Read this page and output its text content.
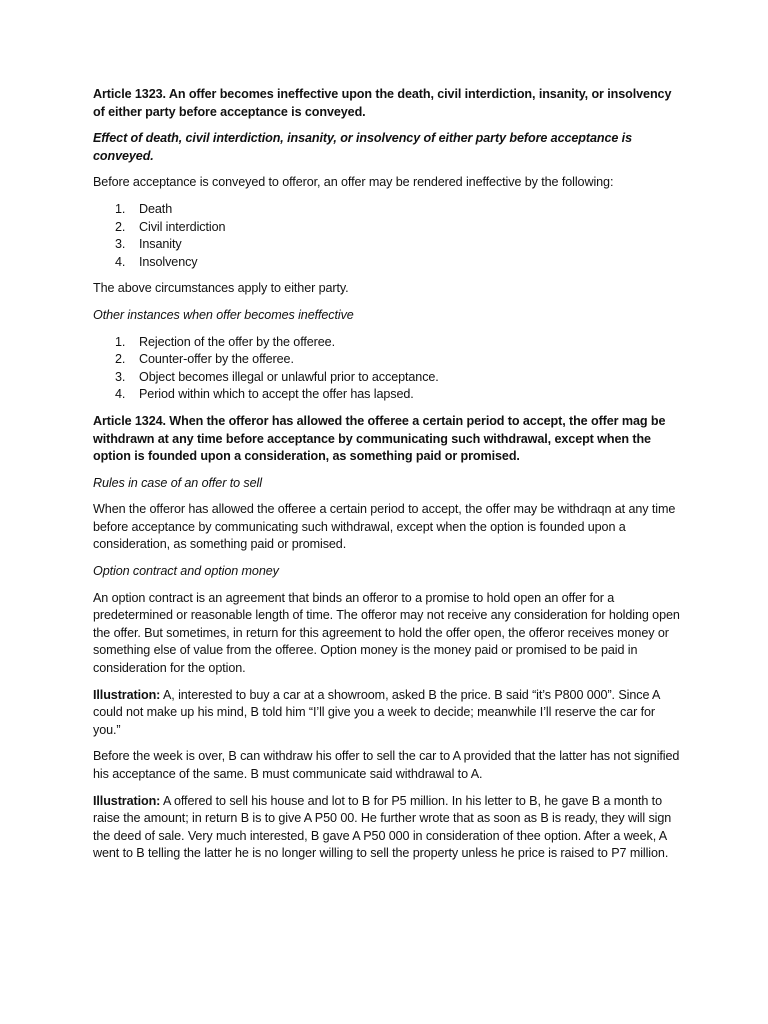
Article 1323. An offer becomes ineffective upon the death, civil interdiction, insanity, or insolvency of either party before acceptance is conveyed.

Effect of death, civil interdiction, insanity, or insolvency of either party before acceptance is conveyed.

Before acceptance is conveyed to offeror, an offer may be rendered ineffective by the following:

1.	Death
2.	Civil interdiction
3.	Insanity
4.	Insolvency

The above circumstances apply to either party.

Other instances when offer becomes ineffective

1.	Rejection of the offer by the offeree.
2.	Counter-offer by the offeree.
3.	Object becomes illegal or unlawful prior to acceptance.
4.	Period within which to accept the offer has lapsed.

Article 1324. When the offeror has allowed the offeree a certain period to accept, the offer mag be withdrawn at any time before acceptance by communicating such withdrawal, except when the option is founded upon a consideration, as something paid or promised.

Rules in case of an offer to sell

When the offeror has allowed the offeree a certain period to accept, the offer may be withdraqn at any time before acceptance by communicating such withdrawal, except when the option is founded upon a consideration, as something paid or promised.

Option contract and option money

An option contract is an agreement that binds an offeror to a promise to hold open an offer for a predetermined or reasonable length of time. The offeror may not receive any consideration for holding open the offer. But sometimes, in return for this agreement to hold the offer open, the offeror receives money or something else of value from the offeree. Option money is the money paid or promised to be paid in consideration for the option.

Illustration: A, interested to buy a car at a showroom, asked B the price. B said “it’s P800 000”. Since A could not make up his mind, B told him “I’ll give you a week to decide; meanwhile I’ll reserve the car for you.”

Before the week is over, B can withdraw his offer to sell the car to A provided that the latter has not signified his acceptance of the same. B must communicate said withdrawal to A.

Illustration: A offered to sell his house and lot to B for P5 million. In his letter to B, he gave B a month to raise the amount; in return B is to give A P50 00. He further wrote that as soon as B is ready, they will sign the deed of sale. Very much interested, B gave A P50 000 in consideration of thee option. After a week, A went to B telling the latter he is no longer willing to sell the property unless he price is raised to P7 million.
